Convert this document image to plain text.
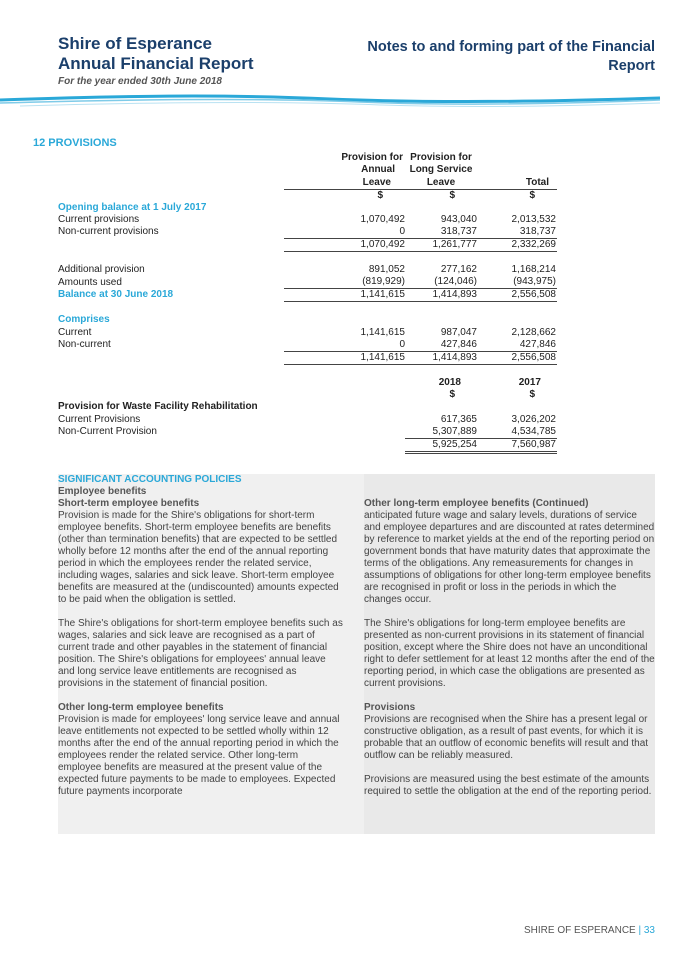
Shire of Esperance
Annual Financial Report
For the year ended 30th June 2018
Notes to and forming part of the Financial Report
12 PROVISIONS
	Provision for	Provision for	
	Annual	Long Service	
	Leave	Leave	Total
	$	$	$
Opening balance at 1 July 2017			
Current provisions	1,070,492	943,040	2,013,532
Non-current provisions	0	318,737	318,737
	1,070,492	1,261,777	2,332,269

Additional provision	891,052	277,162	1,168,214
Amounts used	(819,929)	(124,046)	(943,975)
Balance at 30 June 2018	1,141,615	1,414,893	2,556,508

Comprises			
Current	1,141,615	987,047	2,128,662
Non-current	0	427,846	427,846
	1,141,615	1,414,893	2,556,508

		2018	2017
		$	$
Provision for Waste Facility Rehabilitation			
Current Provisions		617,365	3,026,202
Non-Current Provision		5,307,889	4,534,785
		5,925,254	7,560,987

SIGNIFICANT ACCOUNTING POLICIES

Employee benefits

Short-term employee benefits

Provision is made for the Shire's obligations for short-term employee benefits. Short-term employee benefits are benefits (other than termination benefits) that are expected to be settled wholly before 12 months after the end of the annual reporting period in which the employees render the related service, including wages, salaries and sick leave. Short-term employee benefits are measured at the (undiscounted) amounts expected to be paid when the obligation is settled.

The Shire's obligations for short-term employee benefits such as wages, salaries and sick leave are recognised as a part of current trade and other payables in the statement of financial position. The Shire's obligations for employees' annual leave and long service leave entitlements are recognised as provisions in the statement of financial position.

Other long-term employee benefits

Provision is made for employees' long service leave and annual leave entitlements not expected to be settled wholly within 12 months after the end of the annual reporting period in which the employees render the related service. Other long-term employee benefits are measured at the present value of the expected future payments to be made to employees. Expected future payments incorporate

Other long-term employee benefits (Continued)

anticipated future wage and salary levels, durations of service and employee departures and are discounted at rates determined by reference to market yields at the end of the reporting period on government bonds that have maturity dates that approximate the terms of the obligations. Any remeasurements for changes in assumptions of obligations for other long-term employee benefits are recognised in profit or loss in the periods in which the changes occur.

The Shire's obligations for long-term employee benefits are presented as non-current provisions in its statement of financial position, except where the Shire does not have an unconditional right to defer settlement for at least 12 months after the end of the reporting period, in which case the obligations are presented as current provisions.

Provisions

Provisions are recognised when the Shire has a present legal or constructive obligation, as a result of past events, for which it is probable that an outflow of economic benefits will result and that outflow can be reliably measured.

Provisions are measured using the best estimate of the amounts required to settle the obligation at the end of the reporting period.

SHIRE OF ESPERANCE | 33
